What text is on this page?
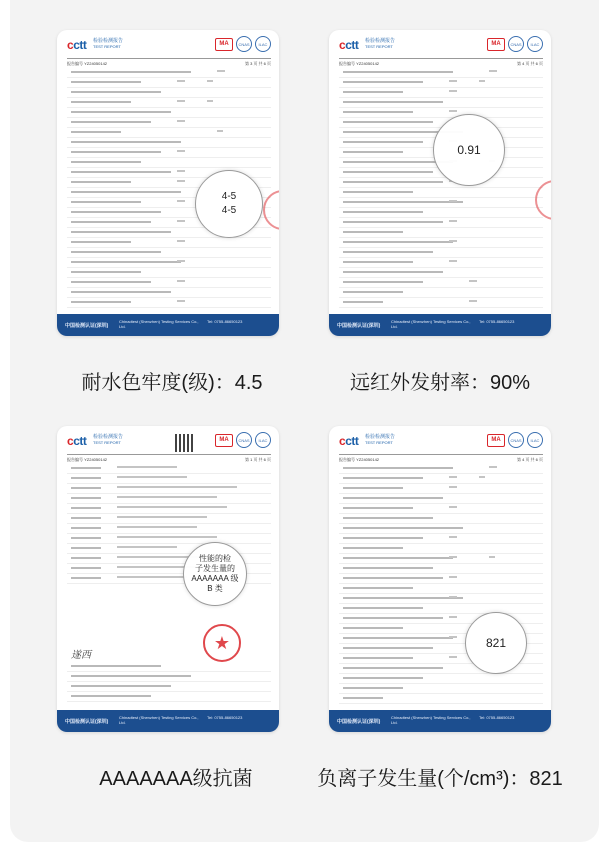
cctt 检验检测报告
TEST REPORT	MA	CNAS	ILAC
报告编号 YZ24050142	第 3 页 共 6 页
4-5
4-5
中国检测认证(深圳)
Chinadtest (Shenzhen) Testing Services Co., Ltd.
Tel: 0755-86650123
耐水色牢度(级)：4.5
cctt 检验检测报告
TEST REPORT	MA	CNAS	ILAC
报告编号 YZ24050142	第 4 页 共 6 页
0.91
中国检测认证(深圳)
Chinadtest (Shenzhen) Testing Services Co., Ltd.
Tel: 0755-86650123
远红外发射率：90%
cctt 检验检测报告
TEST REPORT	MA	CNAS	ILAC
报告编号 YZ24050142	第 1 页 共 6 页
性能的检
子发生量的
AAAAAAA 级
B 类
★
遂西
中国检测认证(深圳)
Chinadtest (Shenzhen) Testing Services Co., Ltd.
Tel: 0755-86650123
AAAAAAA级抗菌
cctt 检验检测报告
TEST REPORT	MA	CNAS	ILAC
报告编号 YZ24050142	第 4 页 共 6 页
821
中国检测认证(深圳)
Chinadtest (Shenzhen) Testing Services Co., Ltd.
Tel: 0755-86650123
负离子发生量(个/cm³)：821
